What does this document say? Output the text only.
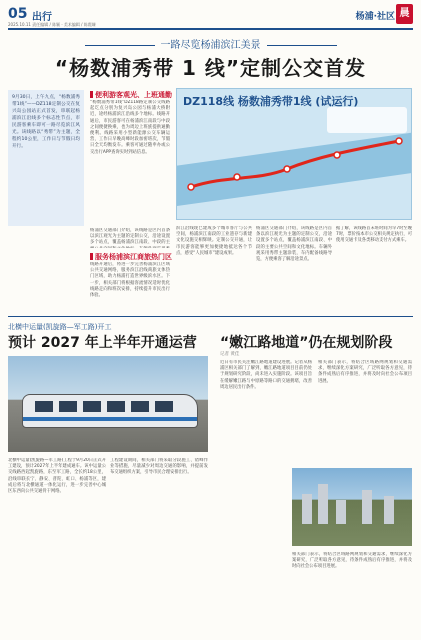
05 出行
2025.10.11 责任编辑 / 陈颖 · 美术编辑 / 陈霞臻
杨浦·社区 晨
一路尽览杨浦滨江美景
“杨数浦秀带 1 线”定制公交首发
9月30日，上午九点，“杨数浦秀带1线”——DZ118定制公交在复兴岛公园站正式首发，串联起杨浦滨江沿线多个标志性节点，市民游客乘车即可一路尽览滨江风光。该线路以“秀带”为主题，全程约10公里，工作日与节假日均开行。
便利游客观光、上班通勤
“杨数浦秀带1线”DZ118路定制公交线路起讫点分别为复兴岛公园与杨浦大桥附近，途经杨浦滨江沿线多个地标。线路开通后，市民游客可在杨浦滨江南段与中段之间便捷换乘，也为周边上班族提供通勤便利。线路采用小型新能源公交车辆运营，工作日早晚高峰时段加密班次，节假日全天均衡发车。乘客可通过随申办或公交出行APP查询实时到站信息。
DZ118线 杨数浦秀带1线 (试运行)
杨浦区交通部门介绍，该线路是区内首条以滨江观光为主题的定制公交，沿途设置多个站点，覆盖杨浦滨江南段、中段的主
服务杨浦滨江商旅热门区
线路开通后，将进一步完善杨浦滨江区域公共交通网络，服务滨江沿线商旅文体热门区域，助力杨浦打造世界级滨水区。下一步，相关部门将根据客流情况适时优化线路走向和班次安排，持续提升市民出行体验。
滨江沿线现已建成多个城市客厅与公共空间，杨浦滨江南段的工业遗存与新建文化设施交相辉映。定制公交开通，让市民游客能够更加便捷地抵达各个节点，感受“人民城市”建设成果。
杨浦区交通部门介绍，该线路是区内首条以滨江观光为主题的定制公交，沿途设置多个站点，覆盖杨浦滨江南段、中段的主要公共空间和文化地标。车辆外观采用秀带主题涂装，车内配备线路导览，方便乘客了解沿途景点。
据了解，该线路首末班时间为早7时至晚7时，票价按本市公交相关规定执行，可使用交通卡及各类移动支付方式乘车。
北横中运量(凯旋路—军工路)开工
预计 2027 年上半年开通运营
北横中运量(凯旋路—军工路)工程于9月20日正式开工建设，预计2027年上半年建成通车。该中运量公交线路西起凯旋路，东至军工路，全长约18公里，沿线串联长宁、静安、普陀、虹口、杨浦等区，建成后将与北横通道一体化运行，进一步完善中心城区东西向公共交通骨干网络。
工程建设期间，相关部门将采取分段施工、错峰作业等措施，尽量减少对周边交通的影响，并提前发布交通组织方案，引导市民合理安排出行。
“嫩江路地道”仍在规划阶段
记者 黄佳
近日有市民关注嫩江路地道建设进展。记者从杨浦区相关部门了解到，嫩江路地道项目目前仍处于规划研究阶段，尚未进入实施阶段。该项目旨在缓解嫩江路与中原路等路口的交通拥堵，改善周边居民出行条件。
相关部门表示，将结合区域路网规划和交通需求，继续深化方案研究，广泛听取各方意见，待条件成熟后有序推进，并将及时向社会公布项目进展。
相关部门表示，将结合区域路网规划和交通需求，继续深化方案研究，广泛听取各方意见，待条件成熟后有序推进，并将及时向社会公布项目进展。
